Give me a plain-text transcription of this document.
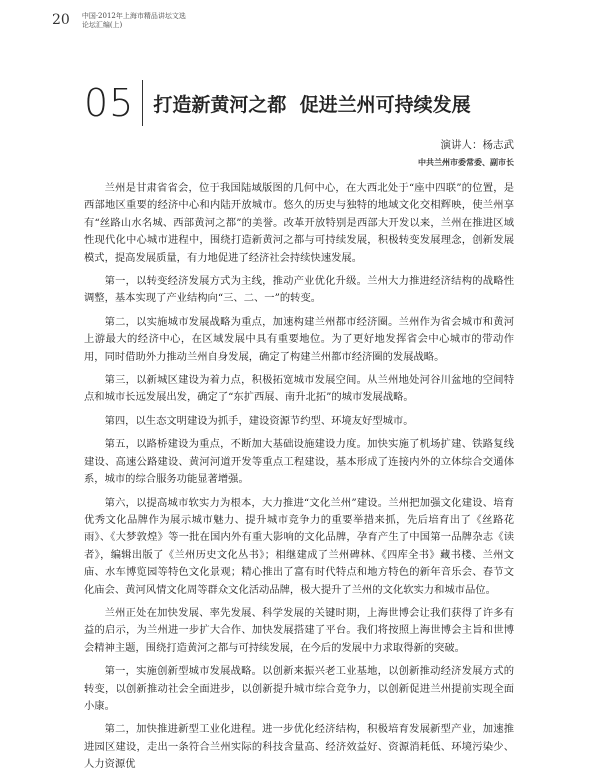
20 中国·2012年上海市精品讲坛文选
论坛汇编(上)
05 打造新黄河之都  促进兰州可持续发展
演讲人：杨志武
中共兰州市委常委、副市长

兰州是甘肃省省会，位于我国陆域版图的几何中心，在大西北处于“座中四联”的位置，是西部地区重要的经济中心和内陆开放城市。悠久的历史与独特的地域文化交相辉映，使兰州享有“丝路山水名城、西部黄河之都”的美誉。改革开放特别是西部大开发以来，兰州在推进区域性现代化中心城市进程中，围绕打造新黄河之都与可持续发展，积极转变发展理念，创新发展模式，提高发展质量，有力地促进了经济社会持续快速发展。

第一，以转变经济发展方式为主线，推动产业优化升级。兰州大力推进经济结构的战略性调整，基本实现了产业结构向“三、二、一”的转变。

第二，以实施城市发展战略为重点，加速构建兰州都市经济圈。兰州作为省会城市和黄河上游最大的经济中心，在区域发展中具有重要地位。为了更好地发挥省会中心城市的带动作用，同时借助外力推动兰州自身发展，确定了构建兰州都市经济圈的发展战略。

第三，以新城区建设为着力点，积极拓宽城市发展空间。从兰州地处河谷川盆地的空间特点和城市长远发展出发，确定了“东扩西展、南升北拓”的城市发展战略。

第四，以生态文明建设为抓手，建设资源节约型、环境友好型城市。

第五，以路桥建设为重点，不断加大基础设施建设力度。加快实施了机场扩建、铁路复线建设、高速公路建设、黄河河道开发等重点工程建设，基本形成了连接内外的立体综合交通体系，城市的综合服务功能显著增强。

第六，以提高城市软实力为根本，大力推进“文化兰州”建设。兰州把加强文化建设、培育优秀文化品牌作为展示城市魅力、提升城市竞争力的重要举措来抓，先后培育出了《丝路花雨》、《大梦敦煌》等一批在国内外有重大影响的文化品牌，孕育产生了中国第一品牌杂志《读者》，编辑出版了《兰州历史文化丛书》；相继建成了兰州碑林、《四库全书》藏书楼、兰州文庙、水车博览园等特色文化景观；精心推出了富有时代特点和地方特色的新年音乐会、春节文化庙会、黄河风情文化周等群众文化活动品牌，极大提升了兰州的文化软实力和城市品位。

兰州正处在加快发展、率先发展、科学发展的关键时期，上海世博会让我们获得了许多有益的启示，为兰州进一步扩大合作、加快发展搭建了平台。我们将按照上海世博会主旨和世博会精神主题，围绕打造黄河之都与可持续发展，在今后的发展中力求取得新的突破。

第一，实施创新型城市发展战略。以创新来振兴老工业基地，以创新推动经济发展方式的转变，以创新推动社会全面进步，以创新提升城市综合竞争力，以创新促进兰州提前实现全面小康。

第二，加快推进新型工业化进程。进一步优化经济结构，积极培育发展新型产业，加速推进园区建设，走出一条符合兰州实际的科技含量高、经济效益好、资源消耗低、环境污染少、人力资源优
